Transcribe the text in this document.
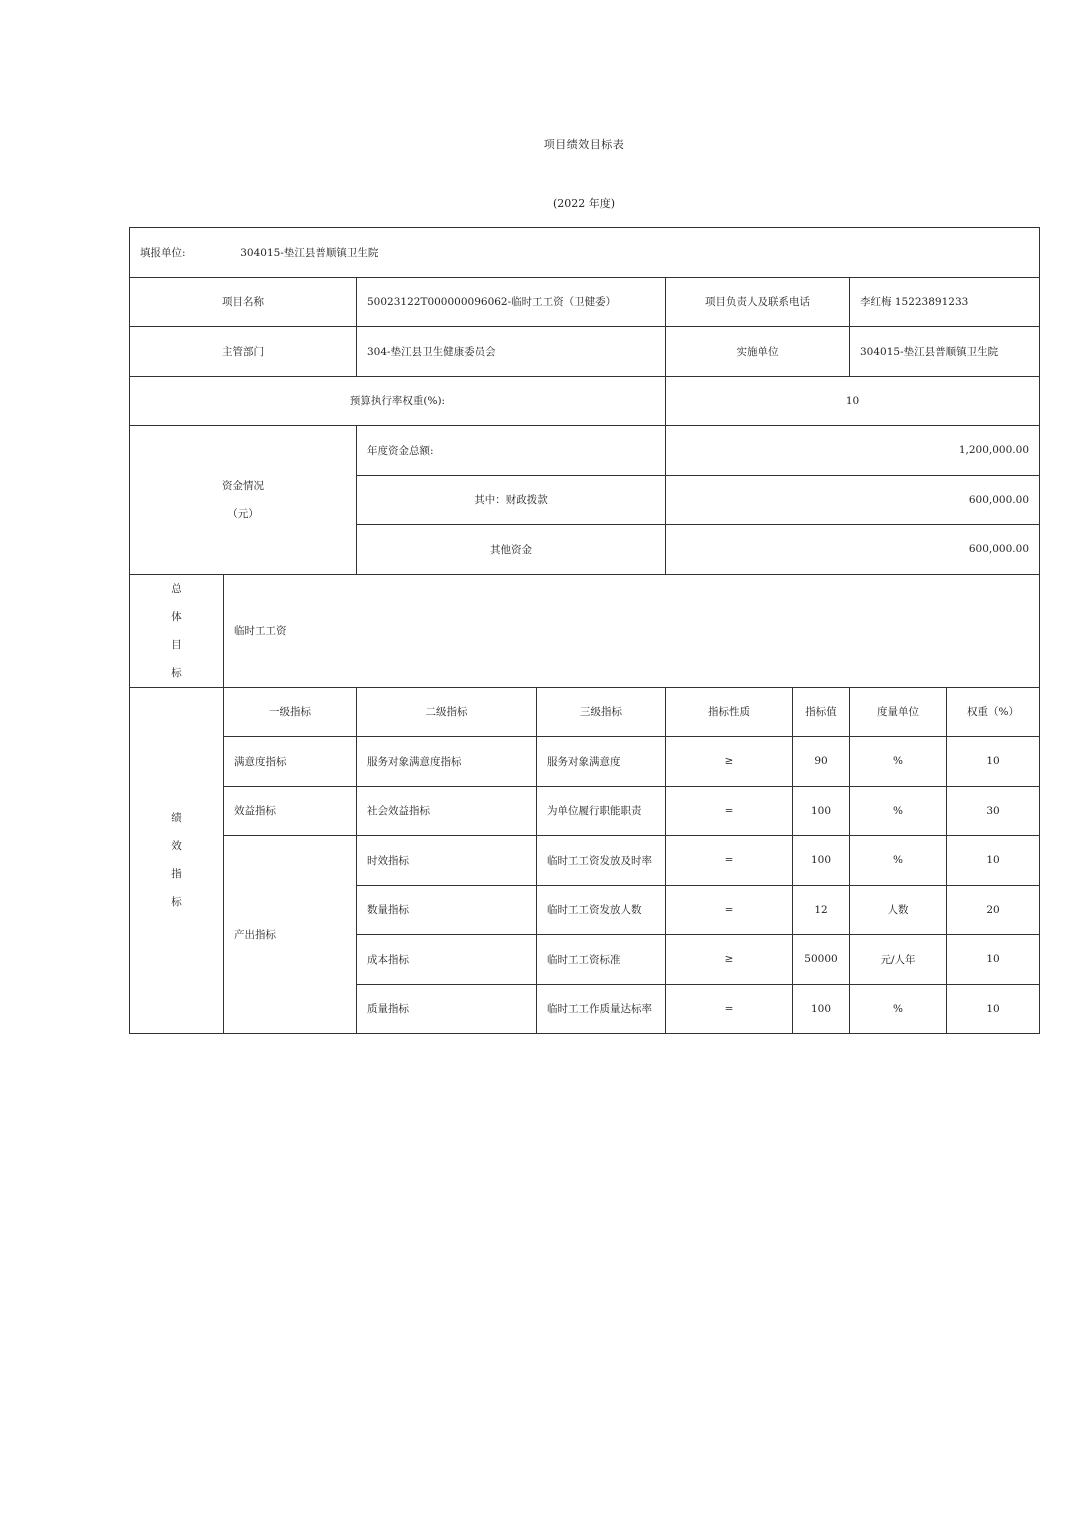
项目绩效目标表
(2022 年度)
填报单位: 304015-垫江县普顺镇卫生院							
项目名称		50023122T000000096062-临时工工资（卫健委）		项目负责人及联系电话		李红梅 15223891233	
主管部门		304-垫江县卫生健康委员会		实施单位		304015-垫江县普顺镇卫生院	
预算执行率权重(%):				10			
资金情况
（元）		年度资金总额:		1,200,000.00			
		其中：财政拨款		600,000.00			
		其他资金		600,000.00			

总
体
目
标	临时工工资						

绩
效
指
标	一级指标	二级指标	三级指标	指标性质	指标值	度量单位	权重（%）
	满意度指标	服务对象满意度指标	服务对象满意度	≥	90	%	10
	效益指标	社会效益指标	为单位履行职能职责	=	100	%	30
	产出指标	时效指标	临时工工资发放及时率	=	100	%	10
		数量指标	临时工工资发放人数	=	12	人数	20
		成本指标	临时工工资标准	≥	50000	元/人年	10
		质量指标	临时工工作质量达标率	=	100	%	10
